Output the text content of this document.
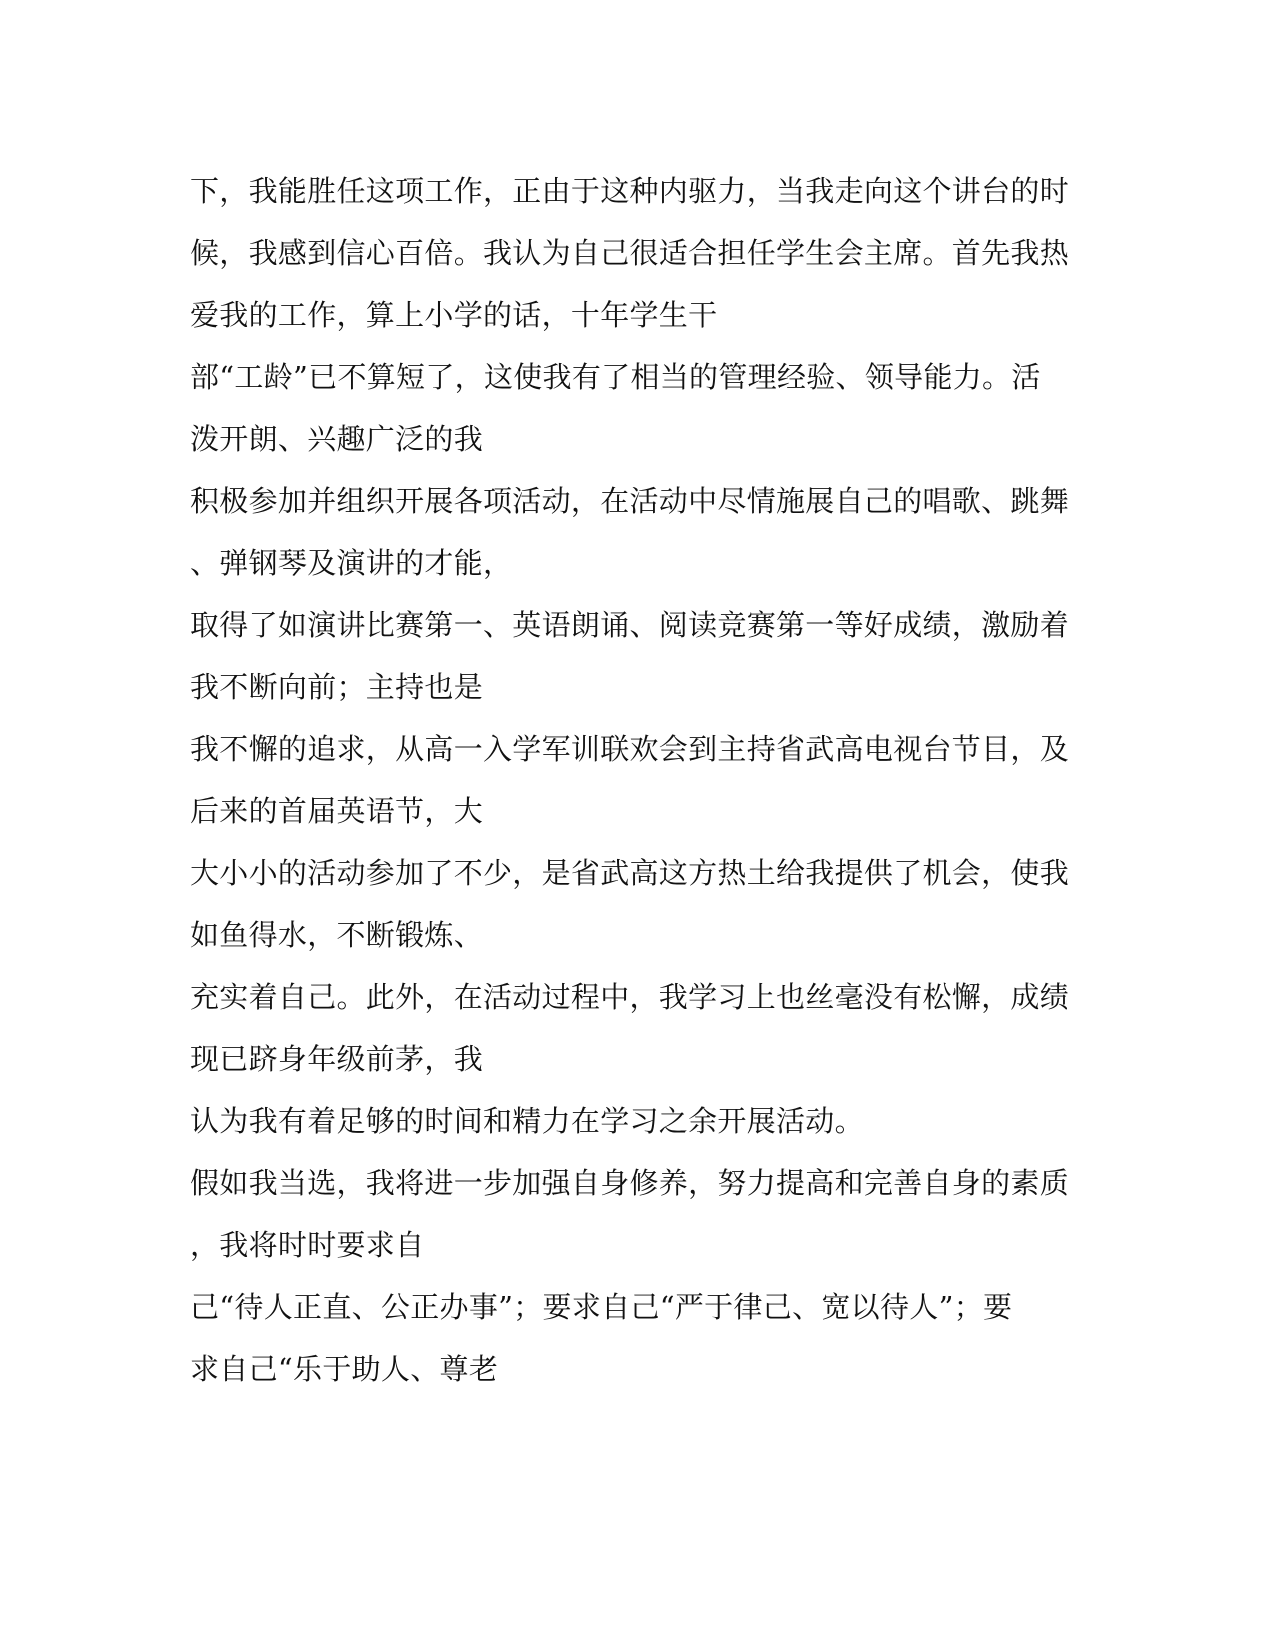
下，我能胜任这项工作，正由于这种内驱力，当我走向这个讲台的时
候，我感到信心百倍。我认为自己很适合担任学生会主席。首先我热
爱我的工作，算上小学的话，十年学生干
部“工龄”已不算短了，这使我有了相当的管理经验、领导能力。活
泼开朗、兴趣广泛的我
积极参加并组织开展各项活动，在活动中尽情施展自己的唱歌、跳舞
、弹钢琴及演讲的才能，
取得了如演讲比赛第一、英语朗诵、阅读竞赛第一等好成绩，激励着
我不断向前；主持也是
我不懈的追求，从高一入学军训联欢会到主持省武高电视台节目，及
后来的首届英语节，大
大小小的活动参加了不少，是省武高这方热土给我提供了机会，使我
如鱼得水，不断锻炼、
充实着自己。此外，在活动过程中，我学习上也丝毫没有松懈，成绩
现已跻身年级前茅，我
认为我有着足够的时间和精力在学习之余开展活动。
假如我当选，我将进一步加强自身修养，努力提高和完善自身的素质
，我将时时要求自
己“待人正直、公正办事”；要求自己“严于律己、宽以待人”；要
求自己“乐于助人、尊老
